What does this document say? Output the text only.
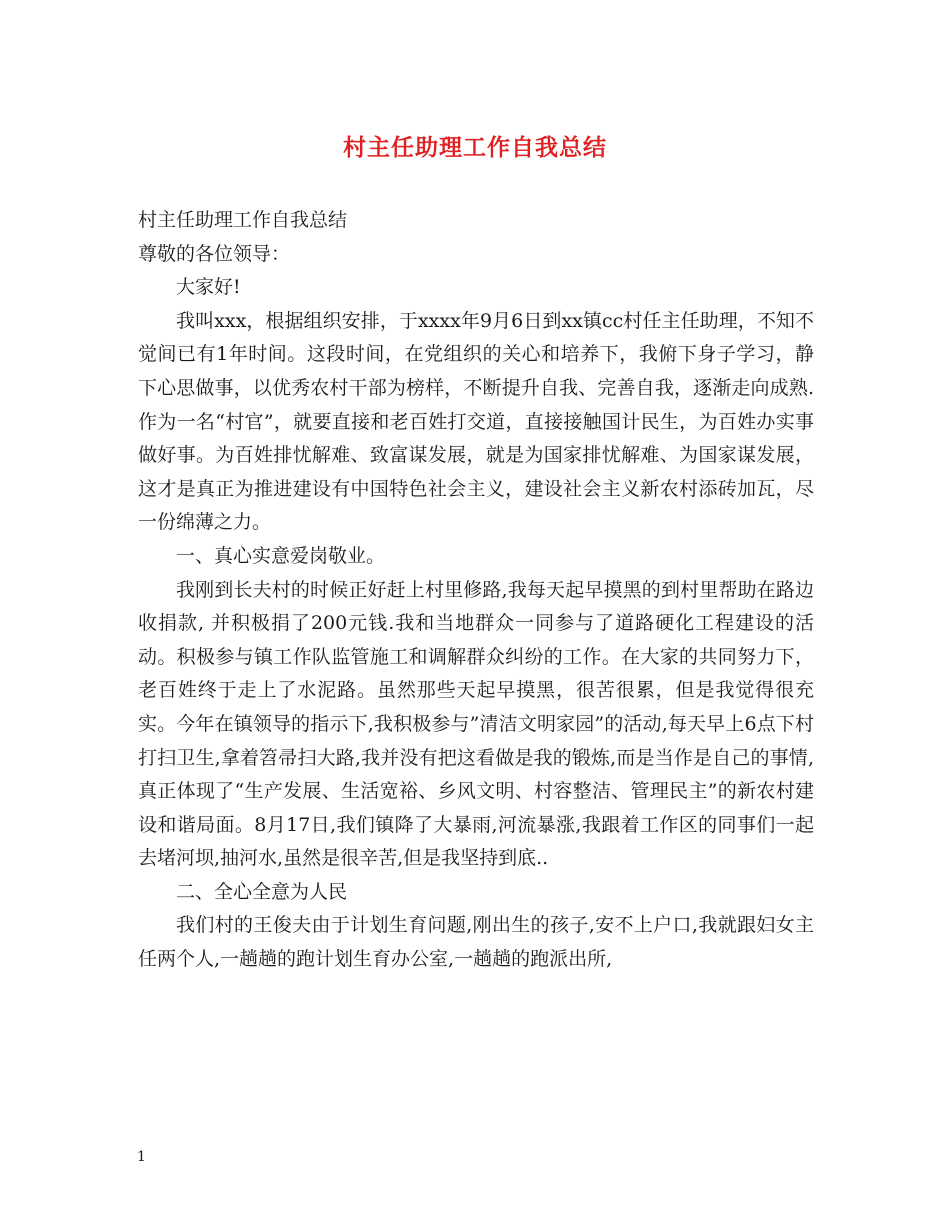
村主任助理工作自我总结

村主任助理工作自我总结

尊敬的各位领导：

大家好!

我叫xxx，根据组织安排，于xxxx年9月6日到xx镇cc村任主任助理，不知不觉间已有1年时间。这段时间，在党组织的关心和培养下，我俯下身子学习，静下心思做事，以优秀农村干部为榜样，不断提升自我、完善自我，逐渐走向成熟.作为一名“村官”，就要直接和老百姓打交道，直接接触国计民生，为百姓办实事做好事。为百姓排忧解难、致富谋发展，就是为国家排忧解难、为国家谋发展，这才是真正为推进建设有中国特色社会主义，建设社会主义新农村添砖加瓦，尽一份绵薄之力。

一、真心实意爱岗敬业。

我刚到长夫村的时候正好赶上村里修路,我每天起早摸黑的到村里帮助在路边收捐款, 并积极捐了200元钱.我和当地群众一同参与了道路硬化工程建设的活动。积极参与镇工作队监管施工和调解群众纠纷的工作。在大家的共同努力下，老百姓终于走上了水泥路。虽然那些天起早摸黑，很苦很累，但是我觉得很充实。今年在镇领导的指示下,我积极参与”清洁文明家园”的活动,每天早上6点下村打扫卫生,拿着笤帚扫大路,我并没有把这看做是我的锻炼,而是当作是自己的事情,真正体现了“生产发展、生活宽裕、乡风文明、村容整洁、管理民主”的新农村建设和谐局面。8月17日,我们镇降了大暴雨,河流暴涨,我跟着工作区的同事们一起去堵河坝,抽河水,虽然是很辛苦,但是我坚持到底..

二、全心全意为人民

我们村的王俊夫由于计划生育问题,刚出生的孩子,安不上户口,我就跟妇女主任两个人,一趟趟的跑计划生育办公室,一趟趟的跑派出所,

1
